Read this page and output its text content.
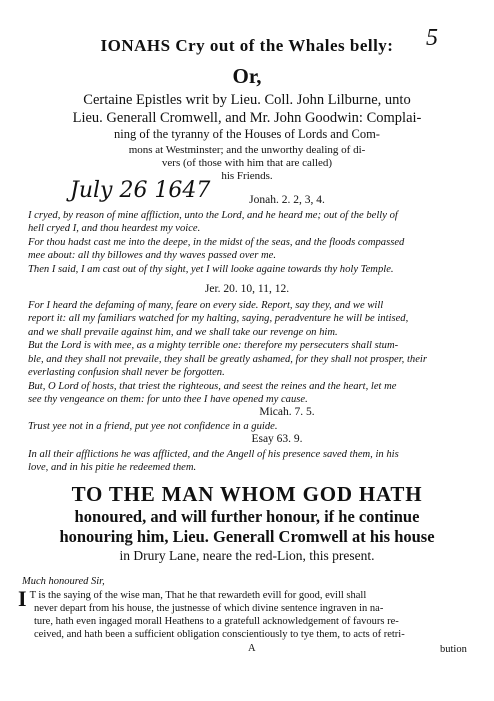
5
IONAHS Cry out of the Whales belly:
Or,
Certaine Epistles writ by Lieu. Coll. John Lilburne, unto
Lieu. Generall Cromwell, and Mr. John Goodwin: Complai-
ning of the tyranny of the Houses of Lords and Com-
mons at Westminster; and the unworthy dealing of di-
vers (of those with him that are called)
his Friends.
July 26 1647	Jonah. 2. 2, 3, 4.
I cryed, by reason of mine affliction, unto the Lord, and he heard me; out of the belly of
hell cryed I, and thou heardest my voice.
For thou hadst cast me into the deepe, in the midst of the seas, and the floods compassed
mee about: all thy billowes and thy waves passed over me.
Then I said, I am cast out of thy sight, yet I will looke againe towards thy holy Temple.
Jer. 20. 10, 11, 12.
For I heard the defaming of many, feare on every side. Report, say they, and we will
report it: all my familiars watched for my halting, saying, peradventure he will be intised,
and we shall prevaile against him, and we shall take our revenge on him.
But the Lord is with mee, as a mighty terrible one: therefore my persecuters shall stum-
ble, and they shall not prevaile, they shall be greatly ashamed, for they shall not prosper, their
everlasting confusion shall never be forgotten.
But, O Lord of hosts, that triest the righteous, and seest the reines and the heart, let me
see thy vengeance on them: for unto thee I have opened my cause.
Micah. 7. 5.
Trust yee not in a friend, put yee not confidence in a guide.
Esay 63. 9.
In all their afflictions he was afflicted, and the Angell of his presence saved them, in his
love, and in his pitie he redeemed them.
TO THE MAN WHOM GOD HATH
honoured, and will further honour, if he continue
honouring him, Lieu. Generall Cromwell at his house
in Drury Lane, neare the red-Lion, this present.
Much honoured Sir,
I T is the saying of the wise man, That he that rewardeth evill for good, evill shall
never depart from his house, the justnesse of which divine sentence ingraven in na-
ture, hath even ingaged morall Heathens to a gratefull acknowledgement of favours re-
ceived, and hath been a sufficient obligation conscientiously to tye them, to acts of retri-
A	bution
